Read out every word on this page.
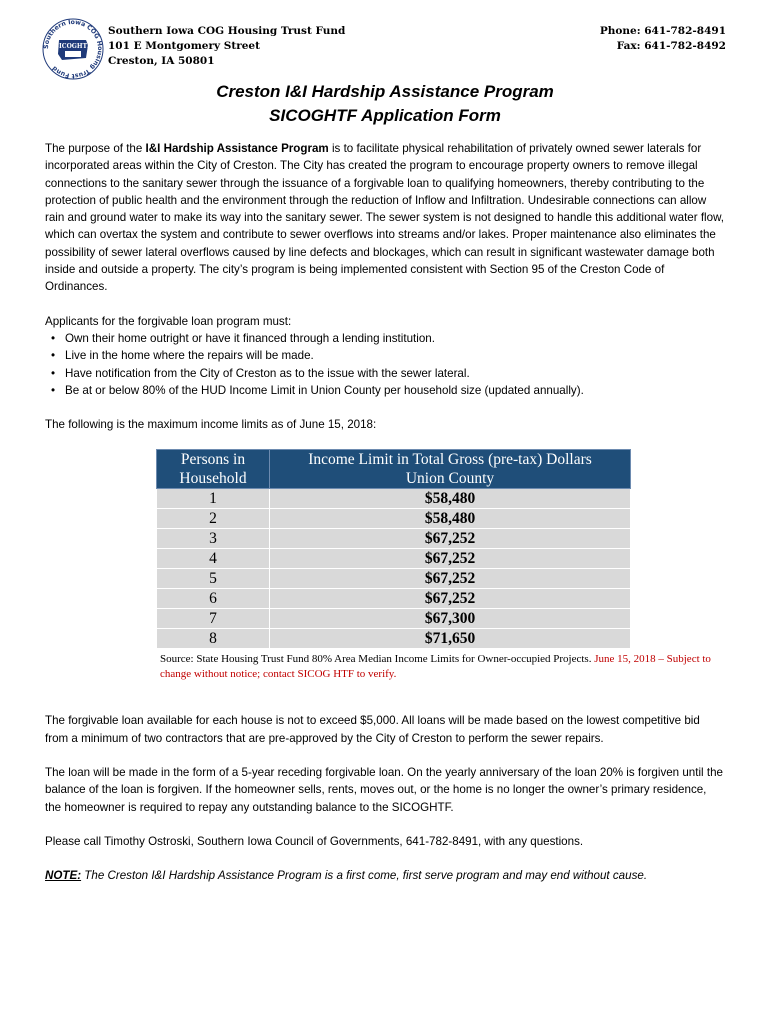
Southern Iowa COG Housing Trust Fund
SICOGHTF
Southern Iowa COG Housing Trust Fund
101 E Montgomery Street
Creston, IA 50801
Phone: 641-782-8491
Fax: 641-782-8492
Creston I&I Hardship Assistance Program
SICOGHTF Application Form

The purpose of the I&I Hardship Assistance Program is to facilitate physical rehabilitation of privately owned sewer laterals for incorporated areas within the City of Creston. The City has created the program to encourage property owners to remove illegal connections to the sanitary sewer through the issuance of a forgivable loan to qualifying homeowners, thereby contributing to the protection of public health and the environment through the reduction of Inflow and Infiltration. Undesirable connections can allow rain and ground water to make its way into the sanitary sewer. The sewer system is not designed to handle this additional water flow, which can overtax the system and contribute to sewer overflows into streams and/or lakes. Proper maintenance also eliminates the possibility of sewer lateral overflows caused by line defects and blockages, which can result in significant wastewater damage both inside and outside a property. The city’s program is being implemented consistent with Section 95 of the Creston Code of Ordinances.

Applicants for the forgivable loan program must:

• Own their home outright or have it financed through a lending institution.
• Live in the home where the repairs will be made.
• Have notification from the City of Creston as to the issue with the sewer lateral.
• Be at or below 80% of the HUD Income Limit in Union County per household size (updated annually).

The following is the maximum income limits as of June 15, 2018:

Persons in Household	Income Limit in Total Gross (pre-tax) Dollars
Union County

1	$58,480
2	$58,480
3	$67,252
4	$67,252
5	$67,252
6	$67,252
7	$67,300
8	$71,650
Source: State Housing Trust Fund 80% Area Median Income Limits for Owner-occupied Projects. June 15, 2018 – Subject to change without notice; contact SICOG HTF to verify.

The forgivable loan available for each house is not to exceed $5,000. All loans will be made based on the lowest competitive bid from a minimum of two contractors that are pre-approved by the City of Creston to perform the sewer repairs.

The loan will be made in the form of a 5-year receding forgivable loan. On the yearly anniversary of the loan 20% is forgiven until the balance of the loan is forgiven. If the homeowner sells, rents, moves out, or the home is no longer the owner’s primary residence, the homeowner is required to repay any outstanding balance to the SICOGHTF.

Please call Timothy Ostroski, Southern Iowa Council of Governments, 641-782-8491, with any questions.

NOTE: The Creston I&I Hardship Assistance Program is a first come, first serve program and may end without cause.
